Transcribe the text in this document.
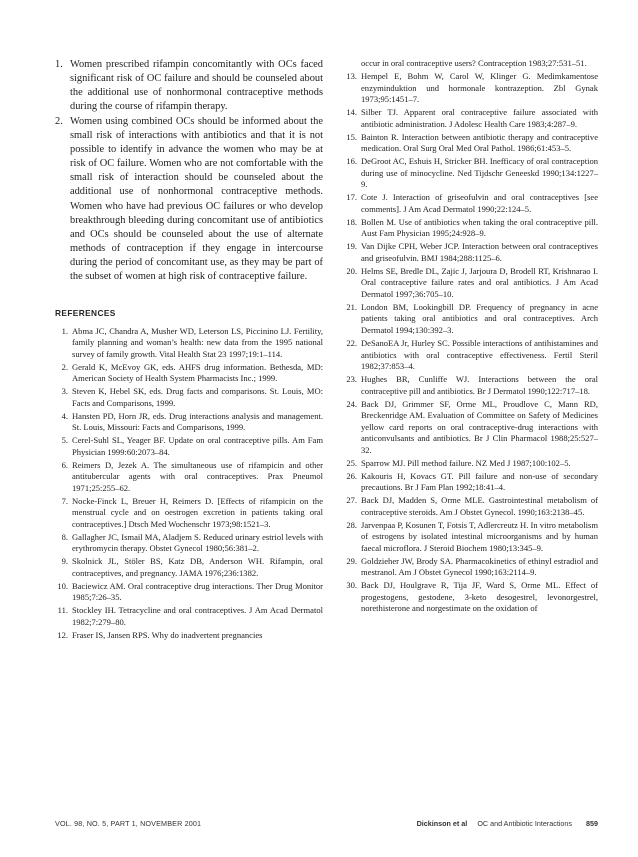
1. Women prescribed rifampin concomitantly with OCs faced significant risk of OC failure and should be counseled about the additional use of nonhormonal contraceptive methods during the course of rifampin therapy.
2. Women using combined OCs should be informed about the small risk of interactions with antibiotics and that it is not possible to identify in advance the women who may be at risk of OC failure. Women who are not comfortable with the small risk of interaction should be counseled about the additional use of nonhormonal contraceptive methods. Women who have had previous OC failures or who develop breakthrough bleeding during concomitant use of antibiotics and OCs should be counseled about the use of alternate methods of contraception if they engage in intercourse during the period of concomitant use, as they may be part of the subset of women at high risk of contraceptive failure.
REFERENCES
1. Abma JC, Chandra A, Musher WD, Leterson LS, Piccinino LJ. Fertility, family planning and woman’s health: new data from the 1995 national survey of family growth. Vital Health Stat 23 1997;19:1–114.
2. Gerald K, McEvoy GK, eds. AHFS drug information. Bethesda, MD: American Society of Health System Pharmacists Inc.; 1999.
3. Steven K, Hebel SK, eds. Drug facts and comparisons. St. Louis, MO: Facts and Comparisons, 1999.
4. Hansten PD, Horn JR, eds. Drug interactions analysis and management. St. Louis, Missouri: Facts and Comparisons, 1999.
5. Cerel-Suhl SL, Yeager BF. Update on oral contraceptive pills. Am Fam Physician 1999:60:2073–84.
6. Reimers D, Jezek A. The simultaneous use of rifampicin and other antitubercular agents with oral contraceptives. Prax Pneumol 1971;25:255–62.
7. Nocke-Finck L, Breuer H, Reimers D. [Effects of rifampicin on the menstrual cycle and on oestrogen excretion in patients taking oral contraceptives.] Dtsch Med Wochenschr 1973;98:1521–3.
8. Gallagher JC, Ismail MA, Aladjem S. Reduced urinary estriol levels with erythromycin therapy. Obstet Gynecol 1980;56:381–2.
9. Skolnick JL, Stöler BS, Katz DB, Anderson WH. Rifampin, oral contraceptives, and pregnancy. JAMA 1976;236:1382.
10. Baciewicz AM. Oral contraceptive drug interactions. Ther Drug Monitor 1985;7:26–35.
11. Stockley IH. Tetracycline and oral contraceptives. J Am Acad Dermatol 1982;7:279–80.
12. Fraser IS, Jansen RPS. Why do inadvertent pregnancies
occur in oral contraceptive users? Contraception 1983;27:531–51.
13. Hempel E, Bohm W, Carol W, Klinger G. Medimkamentose enzyminduktion und hormonale kontrazeption. Zbl Gynak 1973;95:1451–7.
14. Silber TJ. Apparent oral contraceptive failure associated with antibiotic administration. J Adolesc Health Care 1983;4:287–9.
15. Bainton R. Interaction between antibiotic therapy and contraceptive medication. Oral Surg Oral Med Oral Pathol. 1986;61:453–5.
16. DeGroot AC, Eshuis H, Stricker BH. Inefficacy of oral contraception during use of minocycline. Ned Tijdschr Geneeskd 1990;134:1227–9.
17. Cote J. Interaction of griseofulvin and oral contraceptives [see comments]. J Am Acad Dermatol 1990;22:124–5.
18. Bollen M. Use of antibiotics when taking the oral contraceptive pill. Aust Fam Physician 1995;24:928–9.
19. Van Dijke CPH, Weber JCP. Interaction between oral contraceptives and griseofulvin. BMJ 1984;288:1125–6.
20. Helms SE, Bredle DL, Zajic J, Jarjoura D, Brodell RT, Krishnarao I. Oral contraceptive failure rates and oral antibiotics. J Am Acad Dermatol 1997;36:705–10.
21. London BM, Lookingbill DP. Frequency of pregnancy in acne patients taking oral antibiotics and oral contraceptives. Arch Dermatol 1994;130:392–3.
22. DeSanoEA Jr, Hurley SC. Possible interactions of antihistamines and antibiotics with oral contraceptive effectiveness. Fertil Steril 1982;37:853–4.
23. Hughes BR, Cunliffe WJ. Interactions between the oral contraceptive pill and antibiotics. Br J Dermatol 1990;122:717–18.
24. Back DJ, Grimmer SF, Orme ML, Proudlove C, Mann RD, Breckenridge AM. Evaluation of Committee on Safety of Medicines yellow card reports on oral contraceptive-drug interactions with anticonvulsants and antibiotics. Br J Clin Pharmacol 1988;25:527–32.
25. Sparrow MJ. Pill method failure. NZ Med J 1987;100:102–5.
26. Kakouris H, Kovacs GT. Pill failure and non-use of secondary precautions. Br J Fam Plan 1992;18:41–4.
27. Back DJ, Madden S, Orme MLE. Gastrointestinal metabolism of contraceptive steroids. Am J Obstet Gynecol. 1990;163:2138–45.
28. Jarvenpaa P, Kosunen T, Fotsis T, Adlercreutz H. In vitro metabolism of estrogens by isolated intestinal microorganisms and by human faecal microflora. J Steroid Biochem 1980;13:345–9.
29. Goldzieher JW, Brody SA. Pharmacokinetics of ethinyl estradiol and mestranol. Am J Obstet Gynecol 1990;163:2114–9.
30. Back DJ, Houlgrave R, Tija JF, Ward S, Orme ML. Effect of progestogens, gestodene, 3-keto desogestrel, levonorgestrel, norethisterone and norgestimate on the oxidation of
VOL. 98, NO. 5, PART 1, NOVEMBER 2001	Dickinson et al OC and Antibiotic Interactions 859
